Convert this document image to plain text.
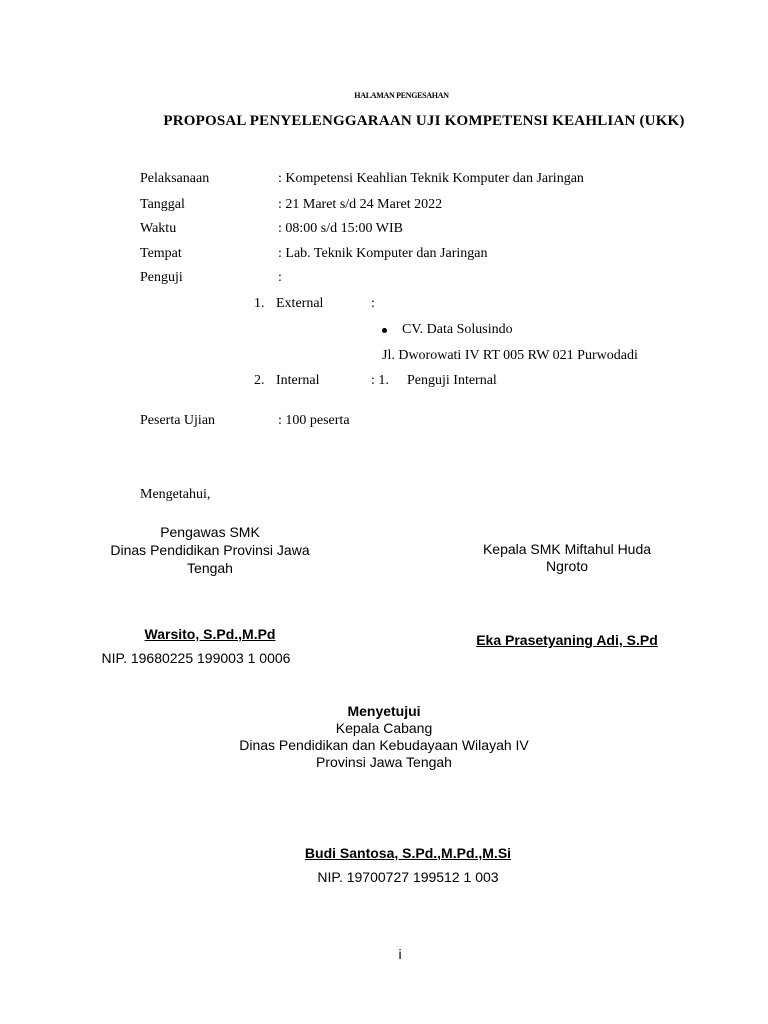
HALAMAN PENGESAHAN
PROPOSAL PENYELENGGARAAN UJI KOMPETENSI KEAHLIAN (UKK)
Pelaksanaan	: Kompetensi Keahlian Teknik Komputer dan Jaringan
Tanggal	: 21 Maret s/d 24 Maret 2022
Waktu	: 08:00 s/d 15:00 WIB
Tempat	: Lab. Teknik Komputer dan Jaringan
Penguji	:
1. External	:
CV. Data Solusindo
Jl. Dworowati IV RT 005 RW 021 Purwodadi
2. Internal	: 1. Penguji Internal
Peserta Ujian	: 100 peserta
Mengetahui,
Pengawas SMK
Dinas Pendidikan Provinsi Jawa
Tengah
Warsito, S.Pd.,M.Pd
NIP. 19680225 199003 1 0006
Kepala SMK Miftahul Huda
Ngroto
Eka Prasetyaning Adi, S.Pd
Menyetujui
Kepala Cabang
Dinas Pendidikan dan Kebudayaan Wilayah IV
Provinsi Jawa Tengah
Budi Santosa, S.Pd.,M.Pd.,M.Si
NIP. 19700727 199512 1 003
i
